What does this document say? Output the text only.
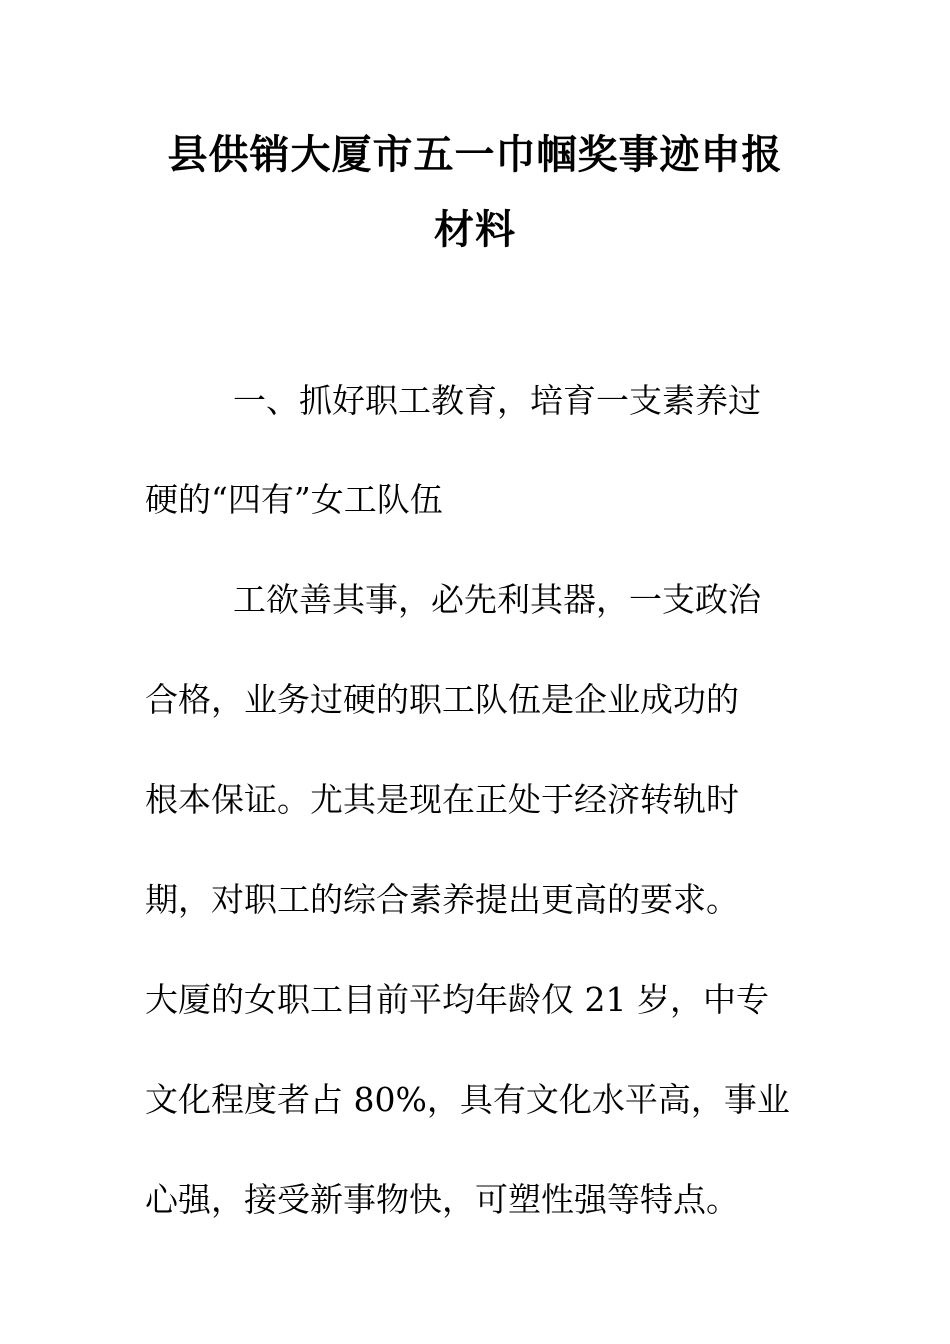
县供销大厦市五一巾帼奖事迹申报
材料
一、抓好职工教育，培育一支素养过
硬的“四有”女工队伍
工欲善其事，必先利其器，一支政治
合格，业务过硬的职工队伍是企业成功的
根本保证。尤其是现在正处于经济转轨时
期，对职工的综合素养提出更高的要求。
大厦的女职工目前平均年龄仅 21 岁，中专
文化程度者占 80%，具有文化水平高，事业
心强，接受新事物快，可塑性强等特点。
